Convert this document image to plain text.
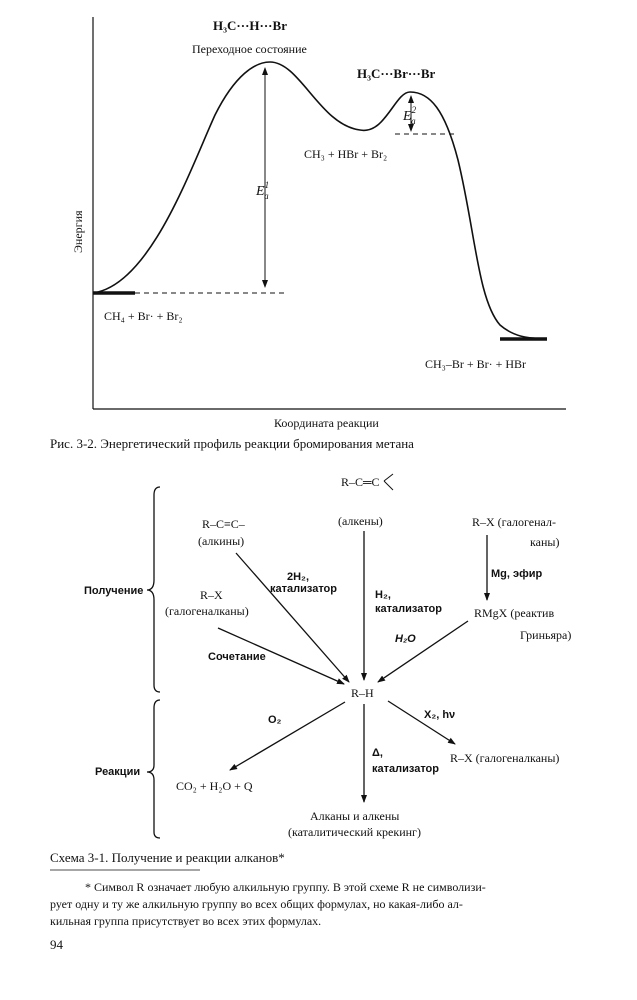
H₃C···H···Br
Переходное состояние
H₃C···Br···Br
$E^2$ a
$E^1$ a
CH₃ + HBr + Br₂
CH₄ + Br· + Br₂
CH₃–Br + Br· + HBr
Энергия
Координата реакции
Рис. 3-2. Энергетический профиль реакции бромирования метана
Получение
Реакции
R–C═C
(алкены)
R–C≡C–
(алкины)
R–X (галогенал-
каны)
Mg, эфир
RMgX (реактив
Гриньяра)
H₂O
2H₂,
катализатор	H₂,
катализатор
R–X
(галогеналканы)
Сочетание
R–H
O₂	X₂, hν
CO₂ + H₂O + Q
Δ,
катализатор
R–X (галогеналканы)
Алканы и алкены
(каталитический крекинг)
Схема 3-1. Получение и реакции алканов*
* Символ R означает любую алкильную группу. В этой схеме R не символизи-
рует одну и ту же алкильную группу во всех общих формулах, но какая-либо ал-
кильная группа присутствует во всех этих формулах.
94
